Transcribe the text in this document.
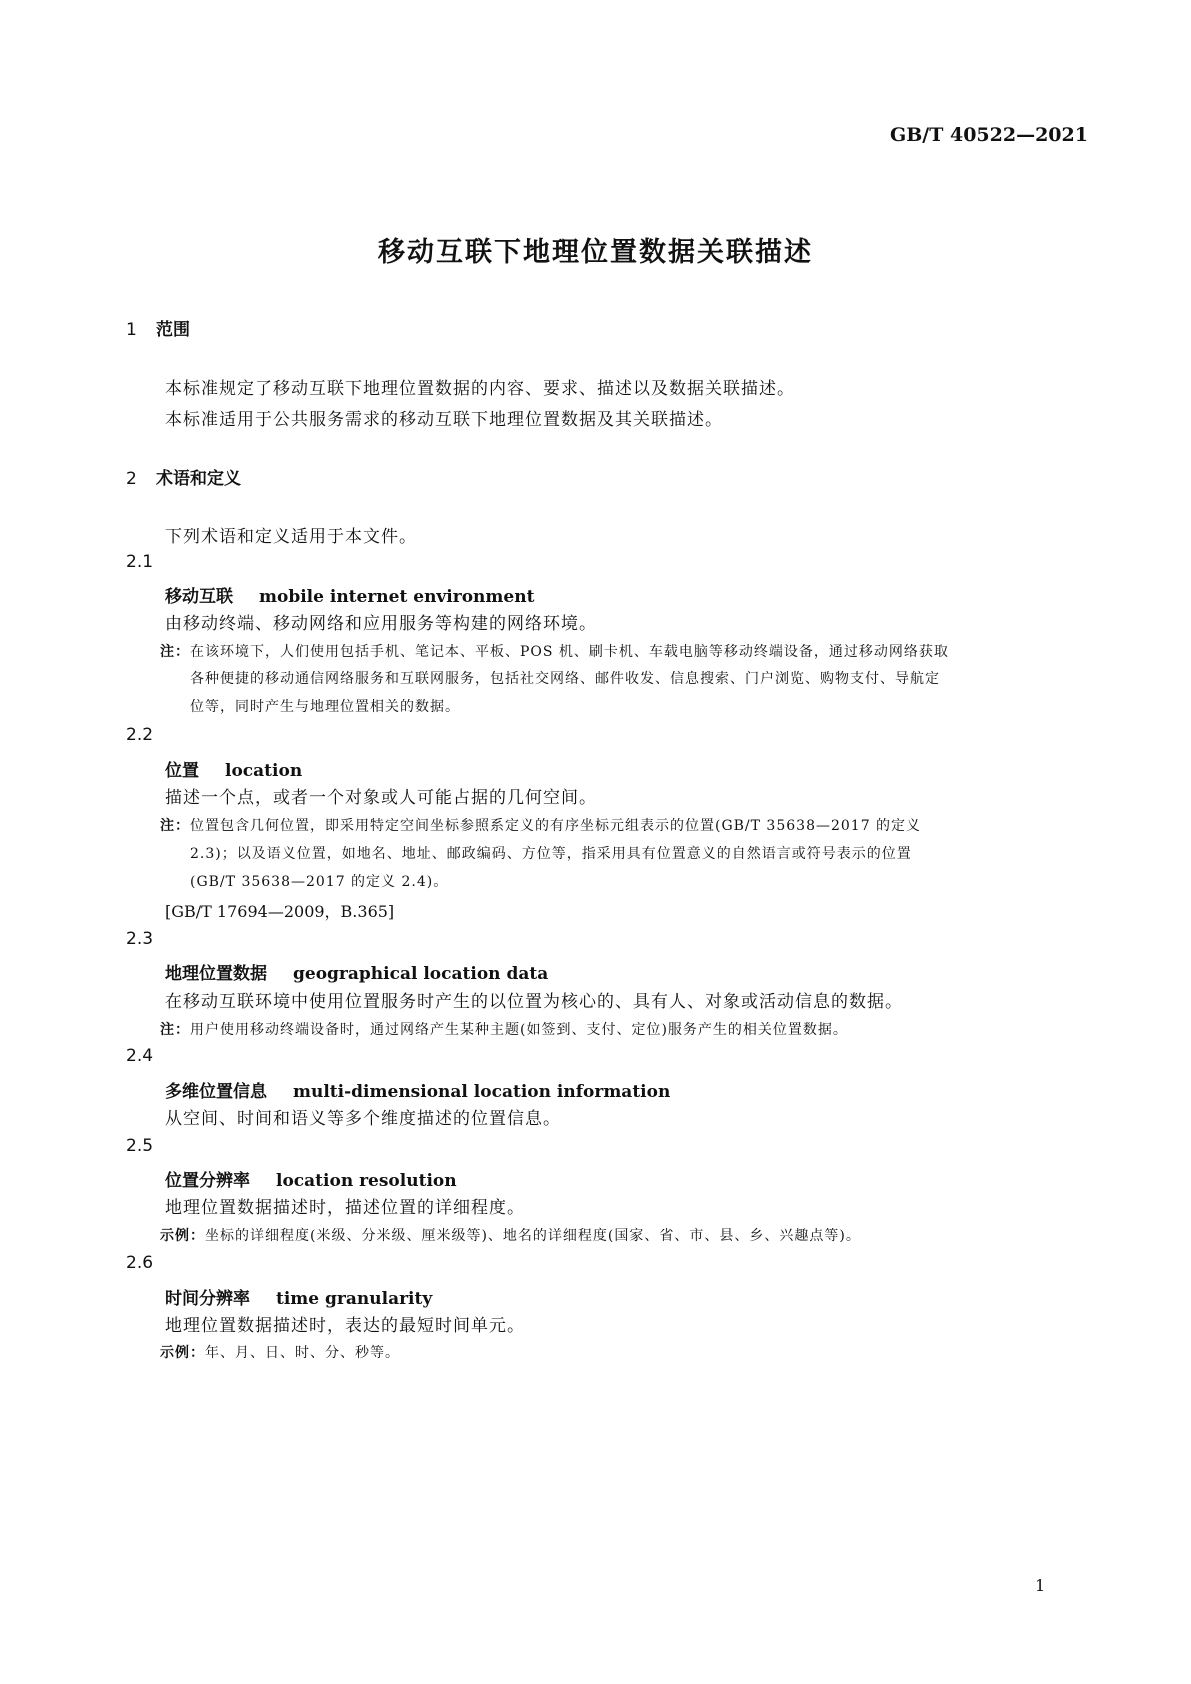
GB/T 40522—2021
移动互联下地理位置数据关联描述
1 范围
本标准规定了移动互联下地理位置数据的内容、要求、描述以及数据关联描述。
本标准适用于公共服务需求的移动互联下地理位置数据及其关联描述。
2 术语和定义
下列术语和定义适用于本文件。
2.1
移动互联 mobile internet environment
由移动终端、移动网络和应用服务等构建的网络环境。
注：在该环境下，人们使用包括手机、笔记本、平板、POS 机、刷卡机、车载电脑等移动终端设备，通过移动网络获取
各种便捷的移动通信网络服务和互联网服务，包括社交网络、邮件收发、信息搜索、门户浏览、购物支付、导航定
位等，同时产生与地理位置相关的数据。
2.2
位置 location
描述一个点，或者一个对象或人可能占据的几何空间。
注：位置包含几何位置，即采用特定空间坐标参照系定义的有序坐标元组表示的位置(GB/T 35638—2017 的定义
2.3)；以及语义位置，如地名、地址、邮政编码、方位等，指采用具有位置意义的自然语言或符号表示的位置
(GB/T 35638—2017 的定义 2.4)。
[GB/T 17694—2009，B.365]
2.3
地理位置数据 geographical location data
在移动互联环境中使用位置服务时产生的以位置为核心的、具有人、对象或活动信息的数据。
注：用户使用移动终端设备时，通过网络产生某种主题(如签到、支付、定位)服务产生的相关位置数据。
2.4
多维位置信息 multi-dimensional location information
从空间、时间和语义等多个维度描述的位置信息。
2.5
位置分辨率 location resolution
地理位置数据描述时，描述位置的详细程度。
示例：坐标的详细程度(米级、分米级、厘米级等)、地名的详细程度(国家、省、市、县、乡、兴趣点等)。
2.6
时间分辨率 time granularity
地理位置数据描述时，表达的最短时间单元。
示例：年、月、日、时、分、秒等。
1
